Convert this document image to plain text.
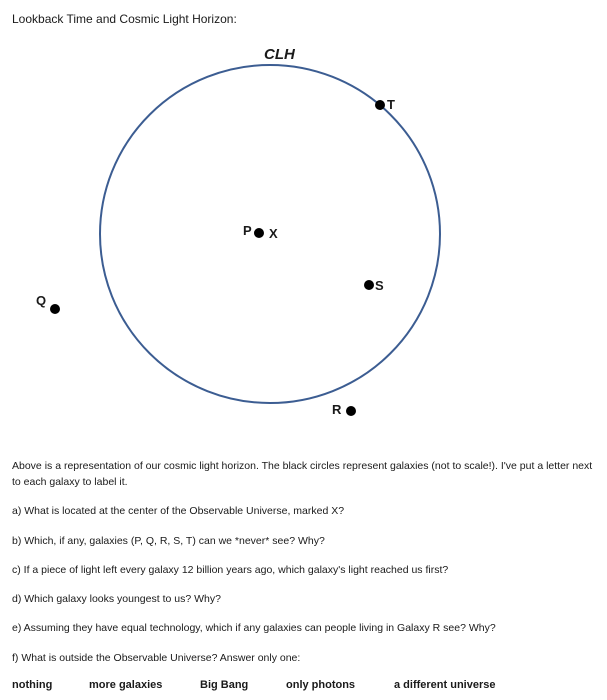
Lookback Time and Cosmic Light Horizon:
CLH
P X
T
S
Q
R
Above is a representation of our cosmic light horizon. The black circles represent galaxies (not to scale!). I've put a letter next to each galaxy to label it.
a) What is located at the center of the Observable Universe, marked X?
b) Which, if any, galaxies (P, Q, R, S, T) can we *never* see? Why?
c) If a piece of light left every galaxy 12 billion years ago, which galaxy's light reached us first?
d) Which galaxy looks youngest to us? Why?
e) Assuming they have equal technology, which if any galaxies can people living in Galaxy R see? Why?
f) What is outside the Observable Universe? Answer only one:
nothing	more galaxies	Big Bang	only photons	a different universe
